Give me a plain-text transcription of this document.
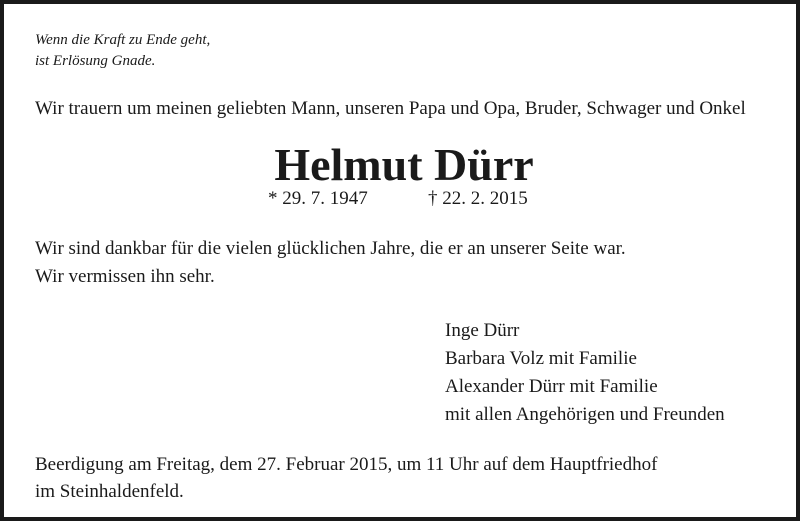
Wenn die Kraft zu Ende geht,
ist Erlösung Gnade.
Wir trauern um meinen geliebten Mann, unseren Papa und Opa, Bruder, Schwager und Onkel
Helmut Dürr
* 29. 7. 1947	† 22. 2. 2015
Wir sind dankbar für die vielen glücklichen Jahre, die er an unserer Seite war.
Wir vermissen ihn sehr.
Inge Dürr
Barbara Volz mit Familie
Alexander Dürr mit Familie
mit allen Angehörigen und Freunden
Beerdigung am Freitag, dem 27. Februar 2015, um 11 Uhr auf dem Hauptfriedhof
im Steinhaldenfeld.
